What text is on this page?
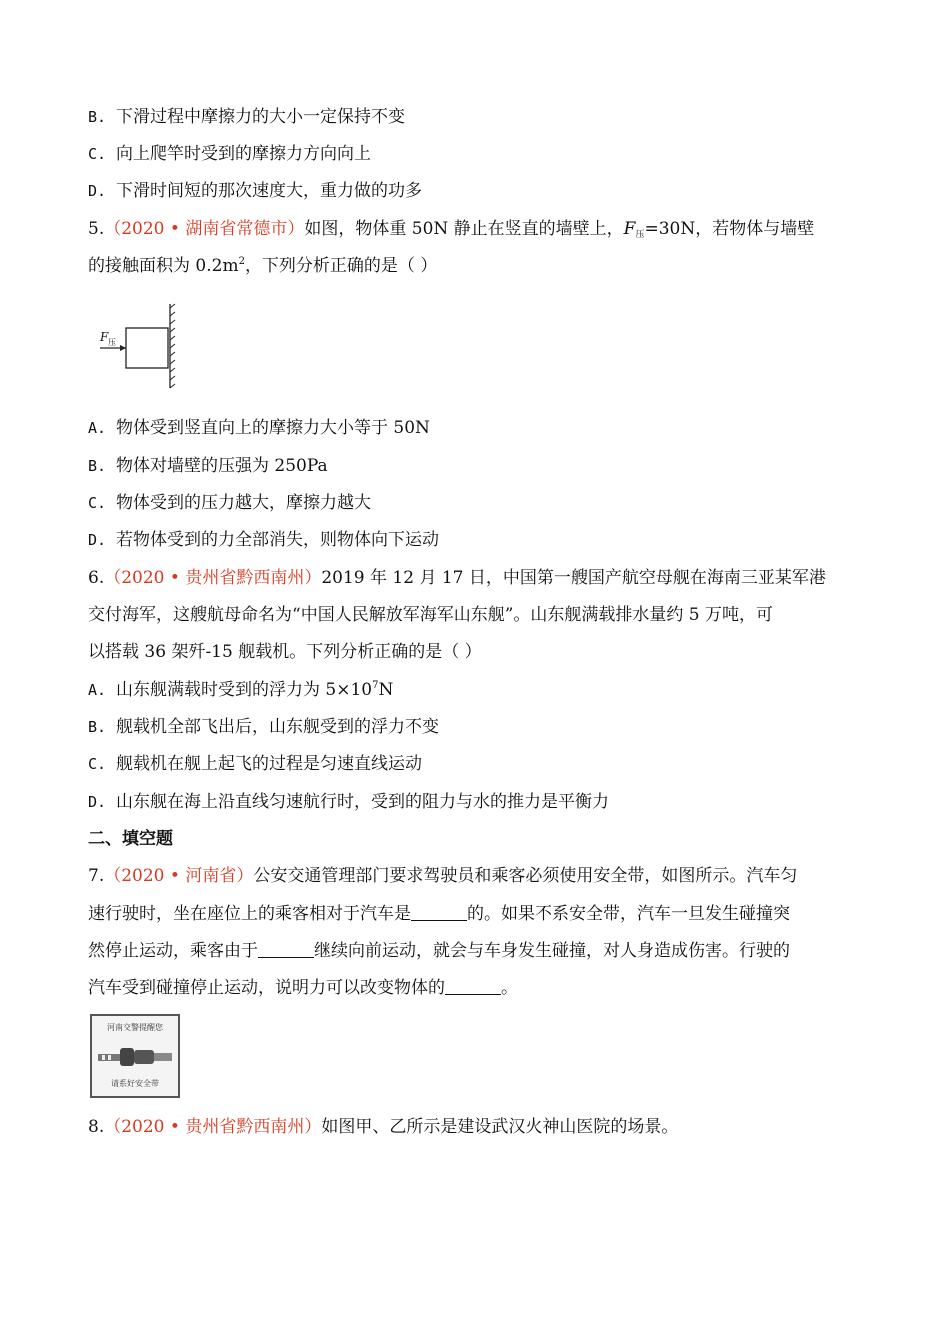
B. 下滑过程中摩擦力的大小一定保持不变
C. 向上爬竿时受到的摩擦力方向向上
D. 下滑时间短的那次速度大，重力做的功多
5.（2020 • 湖南省常德市）如图，物体重 50N 静止在竖直的墙壁上，$F_压=30N$，若物体与墙壁
的接触面积为 $0.2m^2$，下列分析正确的是（ ）
F 压
A. 物体受到竖直向上的摩擦力大小等于 50N
B. 物体对墙壁的压强为 250Pa
C. 物体受到的压力越大，摩擦力越大
D. 若物体受到的力全部消失，则物体向下运动
6.（2020 • 贵州省黔西南州）2019 年 12 月 17 日，中国第一艘国产航空母舰在海南三亚某军港
交付海军，这艘航母命名为“中国人民解放军海军山东舰”。山东舰满载排水量约 5 万吨，可
以搭载 36 架歼-15 舰载机。下列分析正确的是（ ）
A. 山东舰满载时受到的浮力为 $5\times 10^7N$
B. 舰载机全部飞出后，山东舰受到的浮力不变
C. 舰载机在舰上起飞的过程是匀速直线运动
D. 山东舰在海上沿直线匀速航行时，受到的阻力与水的推力是平衡力
二、填空题
7.（2020 • 河南省）公安交通管理部门要求驾驶员和乘客必须使用安全带，如图所示。汽车匀
速行驶时，坐在座位上的乘客相对于汽车是	的。如果不系安全带，汽车一旦发生碰撞突
然停止运动，乘客由于	继续向前运动，就会与车身发生碰撞，对人身造成伤害。行驶的
汽车受到碰撞停止运动，说明力可以改变物体的	。
河南交警提醒您
请系好安全带
8.（2020 • 贵州省黔西南州）如图甲、乙所示是建设武汉火神山医院的场景。
